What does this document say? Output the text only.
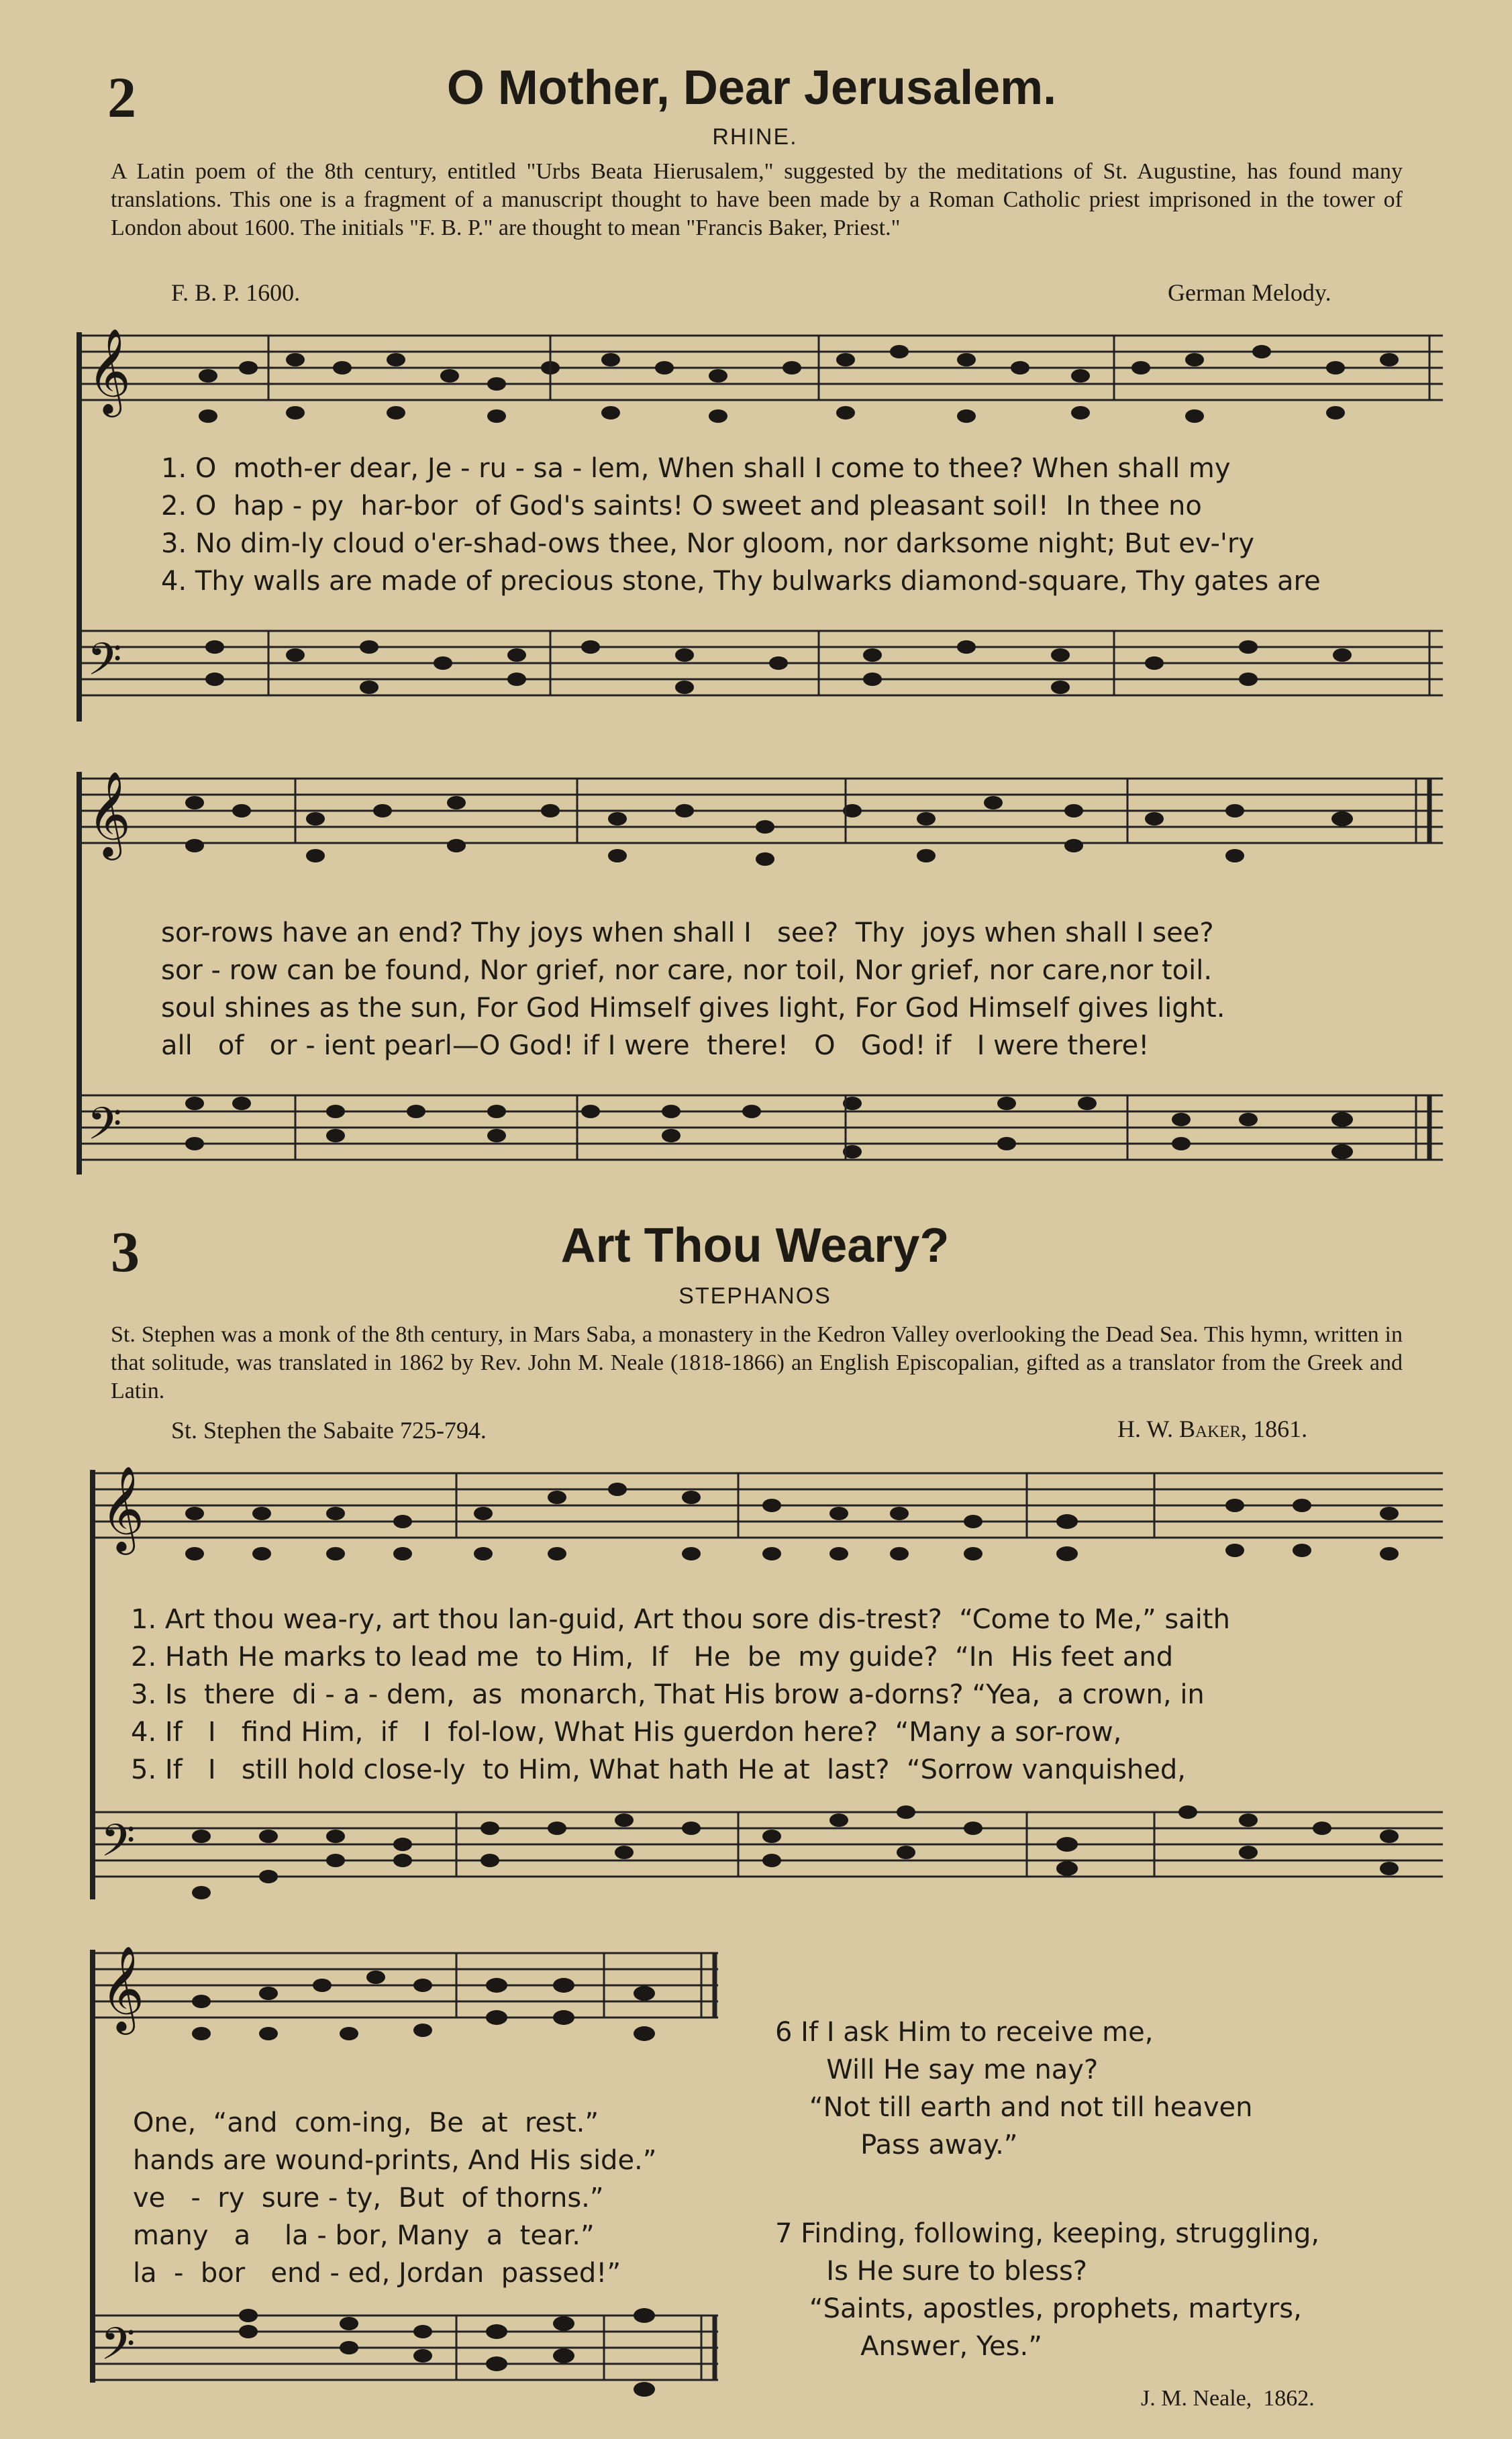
2	O Mother, Dear Jerusalem.
RHINE.
A Latin poem of the 8th century, entitled "Urbs Beata Hierusalem," suggested by the meditations of St. Augustine, has found many translations. This one is a fragment of a manuscript thought to have been made by a Roman Catholic priest imprisoned in the tower of London about 1600. The initials "F. B. P." are thought to mean "Francis Baker, Priest."
F. B. P. 1600.	German Melody.
𝄞
1. O  moth-er dear, Je - ru - sa - lem, When shall I come to thee? When shall my
2. O  hap - py  har-bor  of God's saints! O sweet and pleasant soil!  In thee no
3. No dim-ly cloud o'er-shad-ows thee, Nor gloom, nor darksome night; But ev-'ry
4. Thy walls are made of precious stone, Thy bulwarks diamond-square, Thy gates are
𝄢
𝄞
sor-rows have an end? Thy joys when shall I   see?  Thy  joys when shall I see?
sor - row can be found, Nor grief, nor care, nor toil, Nor grief, nor care,nor toil.
soul shines as the sun, For God Himself gives light, For God Himself gives light.
all   of   or - ient pearl—O God! if I were  there!   O   God! if   I were there!
𝄢
3	Art Thou Weary?
STEPHANOS
St. Stephen was a monk of the 8th century, in Mars Saba, a monastery in the Kedron Valley overlooking the Dead Sea. This hymn, written in that solitude, was translated in 1862 by Rev. John M. Neale (1818-1866) an English Episcopalian, gifted as a translator from the Greek and Latin.
St. Stephen the Sabaite 725-794.	H. W. Baker, 1861.
𝄞
1. Art thou wea-ry, art thou lan-guid, Art thou sore dis-trest?  “Come to Me,” saith
2. Hath He marks to lead me  to Him,  If   He  be  my guide?  “In  His feet and
3. Is  there  di - a - dem,  as  monarch, That His brow a-dorns? “Yea,  a crown, in
4. If   I   find Him,  if   I  fol-low, What His guerdon here?  “Many a sor-row,
5. If   I   still hold close-ly  to Him, What hath He at  last?  “Sorrow vanquished,
𝄢
𝄞
One,  “and  com-ing,  Be  at  rest.”
hands are wound-prints, And His side.”
ve   -  ry  sure - ty,  But  of thorns.”
many   a    la - bor, Many  a  tear.”
la  -  bor   end - ed, Jordan  passed!”
𝄢
6 If I ask Him to receive me,
Will He say me nay?
“Not till earth and not till heaven
Pass away.”
7 Finding, following, keeping, struggling,
Is He sure to bless?
“Saints, apostles, prophets, martyrs,
Answer, Yes.”
J. M. Neale,  1862.
